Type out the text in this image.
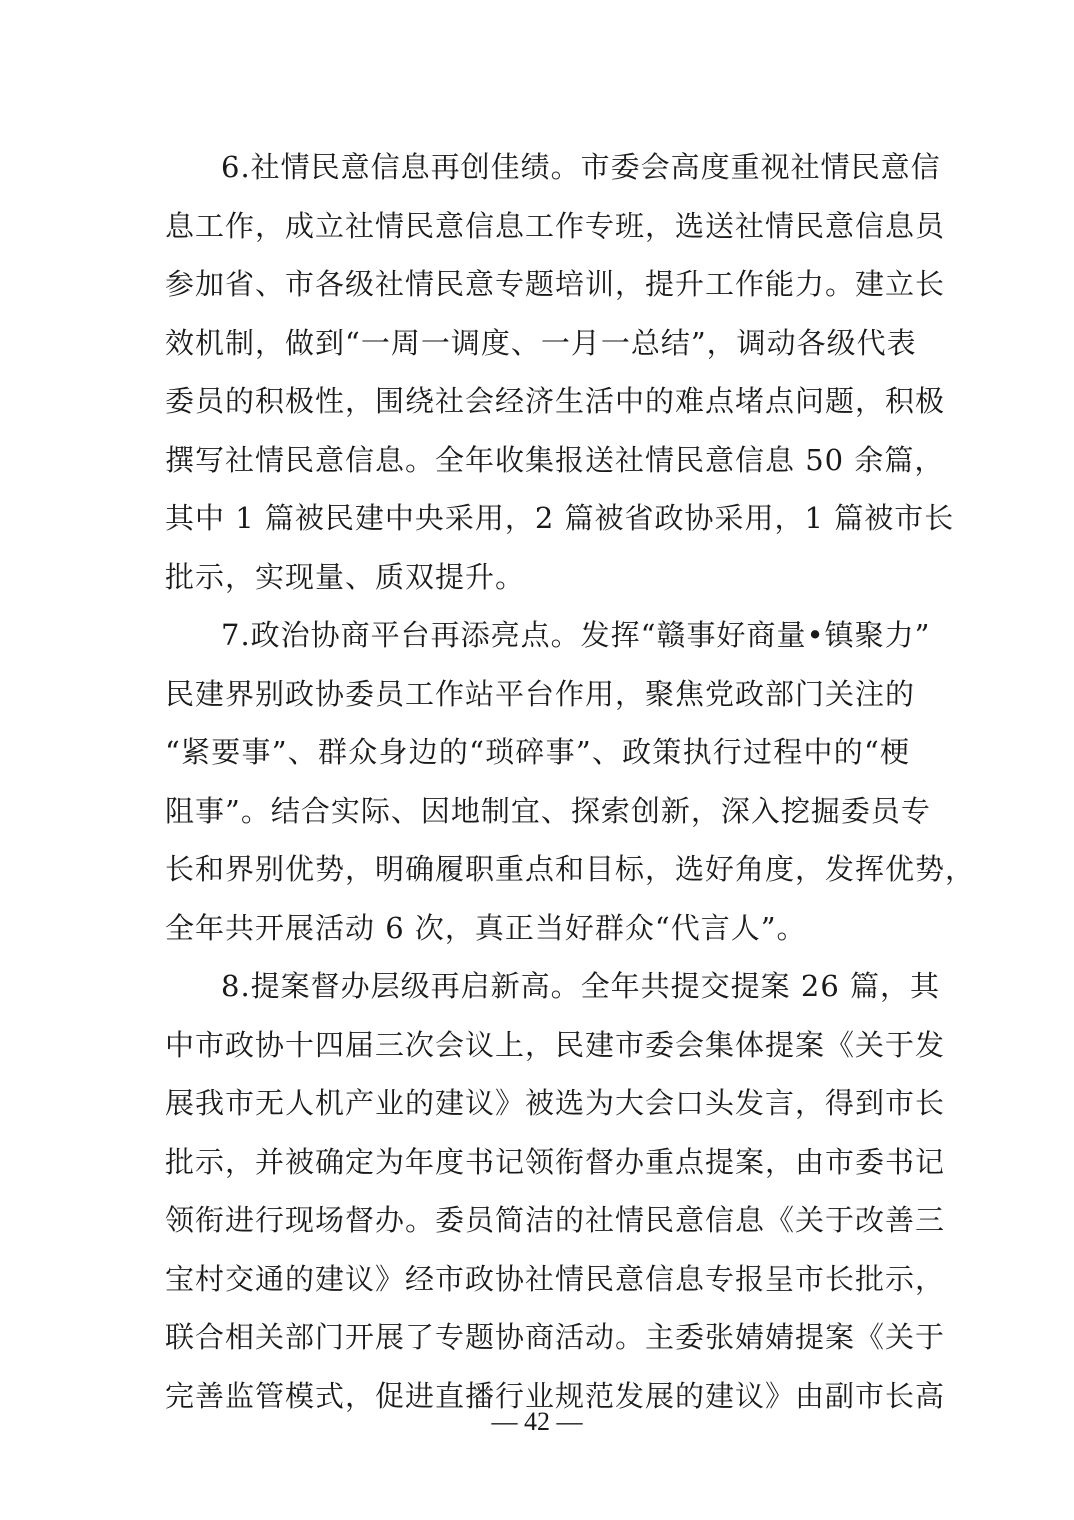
6.社情民意信息再创佳绩。市委会高度重视社情民意信
息工作，成立社情民意信息工作专班，选送社情民意信息员
参加省、市各级社情民意专题培训，提升工作能力。建立长
效机制，做到“一周一调度、一月一总结”，调动各级代表
委员的积极性，围绕社会经济生活中的难点堵点问题，积极
撰写社情民意信息。全年收集报送社情民意信息 50 余篇，
其中 1 篇被民建中央采用，2 篇被省政协采用，1 篇被市长
批示，实现量、质双提升。
7.政治协商平台再添亮点。发挥“赣事好商量•镇聚力”
民建界别政协委员工作站平台作用，聚焦党政部门关注的
“紧要事”、群众身边的“琐碎事”、政策执行过程中的“梗
阻事”。结合实际、因地制宜、探索创新，深入挖掘委员专
长和界别优势，明确履职重点和目标，选好角度，发挥优势，
全年共开展活动 6 次，真正当好群众“代言人”。
8.提案督办层级再启新高。全年共提交提案 26 篇，其
中市政协十四届三次会议上，民建市委会集体提案《关于发
展我市无人机产业的建议》被选为大会口头发言，得到市长
批示，并被确定为年度书记领衔督办重点提案，由市委书记
领衔进行现场督办。委员简洁的社情民意信息《关于改善三
宝村交通的建议》经市政协社情民意信息专报呈市长批示，
联合相关部门开展了专题协商活动。主委张婧婧提案《关于
完善监管模式，促进直播行业规范发展的建议》由副市长高
— 42 —
